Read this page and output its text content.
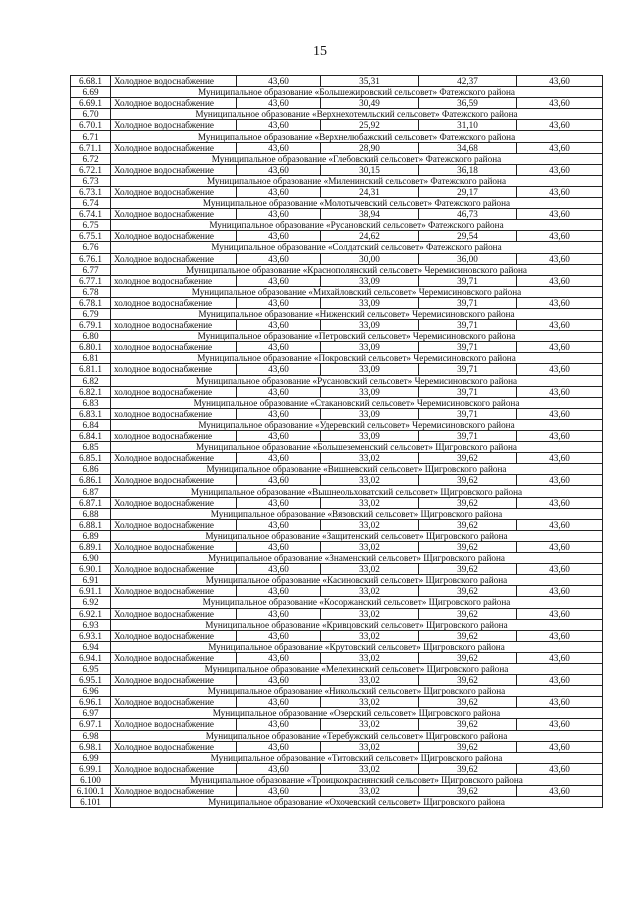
15
6.68.1	Холодное водоснабжение	43,60	35,31	42,37	43,60
6.69	Муниципальное образование «Большежировский сельсовет» Фатежского района				
6.69.1	Холодное водоснабжение	43,60	30,49	36,59	43,60
6.70	Муниципальное образование «Верхнехотемльский сельсовет» Фатежского района				
6.70.1	Холодное водоснабжение	43,60	25,92	31,10	43,60
6.71	Муниципальное образование «Верхнелюбажский сельсовет» Фатежского района				
6.71.1	Холодное водоснабжение	43,60	28,90	34,68	43,60
6.72	Муниципальное образование «Глебовский сельсовет» Фатежского района				
6.72.1	Холодное водоснабжение	43,60	30,15	36,18	43,60
6.73	Муниципальное образование «Миленинский сельсовет» Фатежского района				
6.73.1	Холодное водоснабжение	43,60	24,31	29,17	43,60
6.74	Муниципальное образование «Молотычевский сельсовет» Фатежского района				
6.74.1	Холодное водоснабжение	43,60	38,94	46,73	43,60
6.75	Муниципальное образование «Русановский сельсовет» Фатежского района				
6.75.1	Холодное водоснабжение	43,60	24,62	29,54	43,60
6.76	Муниципальное образование «Солдатский сельсовет» Фатежского района				
6.76.1	Холодное водоснабжение	43,60	30,00	36,00	43,60
6.77	Муниципальное образование «Краснополянский сельсовет» Черемисиновского района				
6.77.1	холодное водоснабжение	43,60	33,09	39,71	43,60
6.78	Муниципальное образование «Михайловский сельсовет» Черемисиновского района				
6.78.1	холодное водоснабжение	43,60	33,09	39,71	43,60
6.79	Муниципальное образование «Ниженский сельсовет» Черемисиновского района				
6.79.1	холодное водоснабжение	43,60	33,09	39,71	43,60
6.80	Муниципальное образование «Петровский сельсовет» Черемисиновского района				
6.80.1	холодное водоснабжение	43,60	33,09	39,71	43,60
6.81	Муниципальное образование «Покровский сельсовет» Черемисиновского района				
6.81.1	холодное водоснабжение	43,60	33,09	39,71	43,60
6.82	Муниципальное образование «Русановский сельсовет» Черемисиновского района				
6.82.1	холодное водоснабжение	43,60	33,09	39,71	43,60
6.83	Муниципальное образование «Стакановский сельсовет» Черемисиновского района				
6.83.1	холодное водоснабжение	43,60	33,09	39,71	43,60
6.84	Муниципальное образование «Удеревский сельсовет» Черемисиновского района				
6.84.1	холодное водоснабжение	43,60	33,09	39,71	43,60
6.85	Муниципальное образование «Большеземенский сельсовет» Щигровского района				
6.85.1	Холодное водоснабжение	43,60	33,02	39,62	43,60
6.86	Муниципальное образование «Вишневский сельсовет» Щигровского района				
6.86.1	Холодное водоснабжение	43,60	33,02	39,62	43,60
6.87	Муниципальное образование «Вышнеольховатский сельсовет» Щигровского района				
6.87.1	Холодное водоснабжение	43,60	33,02	39,62	43,60
6.88	Муниципальное образование «Вязовский сельсовет» Щигровского района				
6.88.1	Холодное водоснабжение	43,60	33,02	39,62	43,60
6.89	Муниципальное образование «Защитенский сельсовет» Щигровского района				
6.89.1	Холодное водоснабжение	43,60	33,02	39,62	43,60
6.90	Муниципальное образование «Знаменский сельсовет» Щигровского района				
6.90.1	Холодное водоснабжение	43,60	33,02	39,62	43,60
6.91	Муниципальное образование «Касиновский сельсовет» Щигровского района				
6.91.1	Холодное водоснабжение	43,60	33,02	39,62	43,60
6.92	Муниципальное образование «Косоржанский сельсовет» Щигровского района				
6.92.1	Холодное водоснабжение	43,60	33,02	39,62	43,60
6.93	Муниципальное образование «Кривцовский сельсовет» Щигровского района				
6.93.1	Холодное водоснабжение	43,60	33,02	39,62	43,60
6.94	Муниципальное образование «Крутовский сельсовет» Щигровского района				
6.94.1	Холодное водоснабжение	43,60	33,02	39,62	43,60
6.95	Муниципальное образование «Мелехинский сельсовет» Щигровского района				
6.95.1	Холодное водоснабжение	43,60	33,02	39,62	43,60
6.96	Муниципальное образование «Никольский сельсовет» Щигровского района				
6.96.1	Холодное водоснабжение	43,60	33,02	39,62	43,60
6.97	Муниципальное образование «Озерский сельсовет» Щигровского района				
6.97.1	Холодное водоснабжение	43,60	33,02	39,62	43,60
6.98	Муниципальное образование «Теребужский сельсовет» Щигровского района				
6.98.1	Холодное водоснабжение	43,60	33,02	39,62	43,60
6.99	Муниципальное образование «Титовский сельсовет» Щигровского района				
6.99.1	Холодное водоснабжение	43,60	33,02	39,62	43,60
6.100	Муниципальное образование «Троицкокраснянский сельсовет» Щигровского района				
6.100.1	Холодное водоснабжение	43,60	33,02	39,62	43,60
6.101	Муниципальное образование «Охочевский сельсовет» Щигровского района				
